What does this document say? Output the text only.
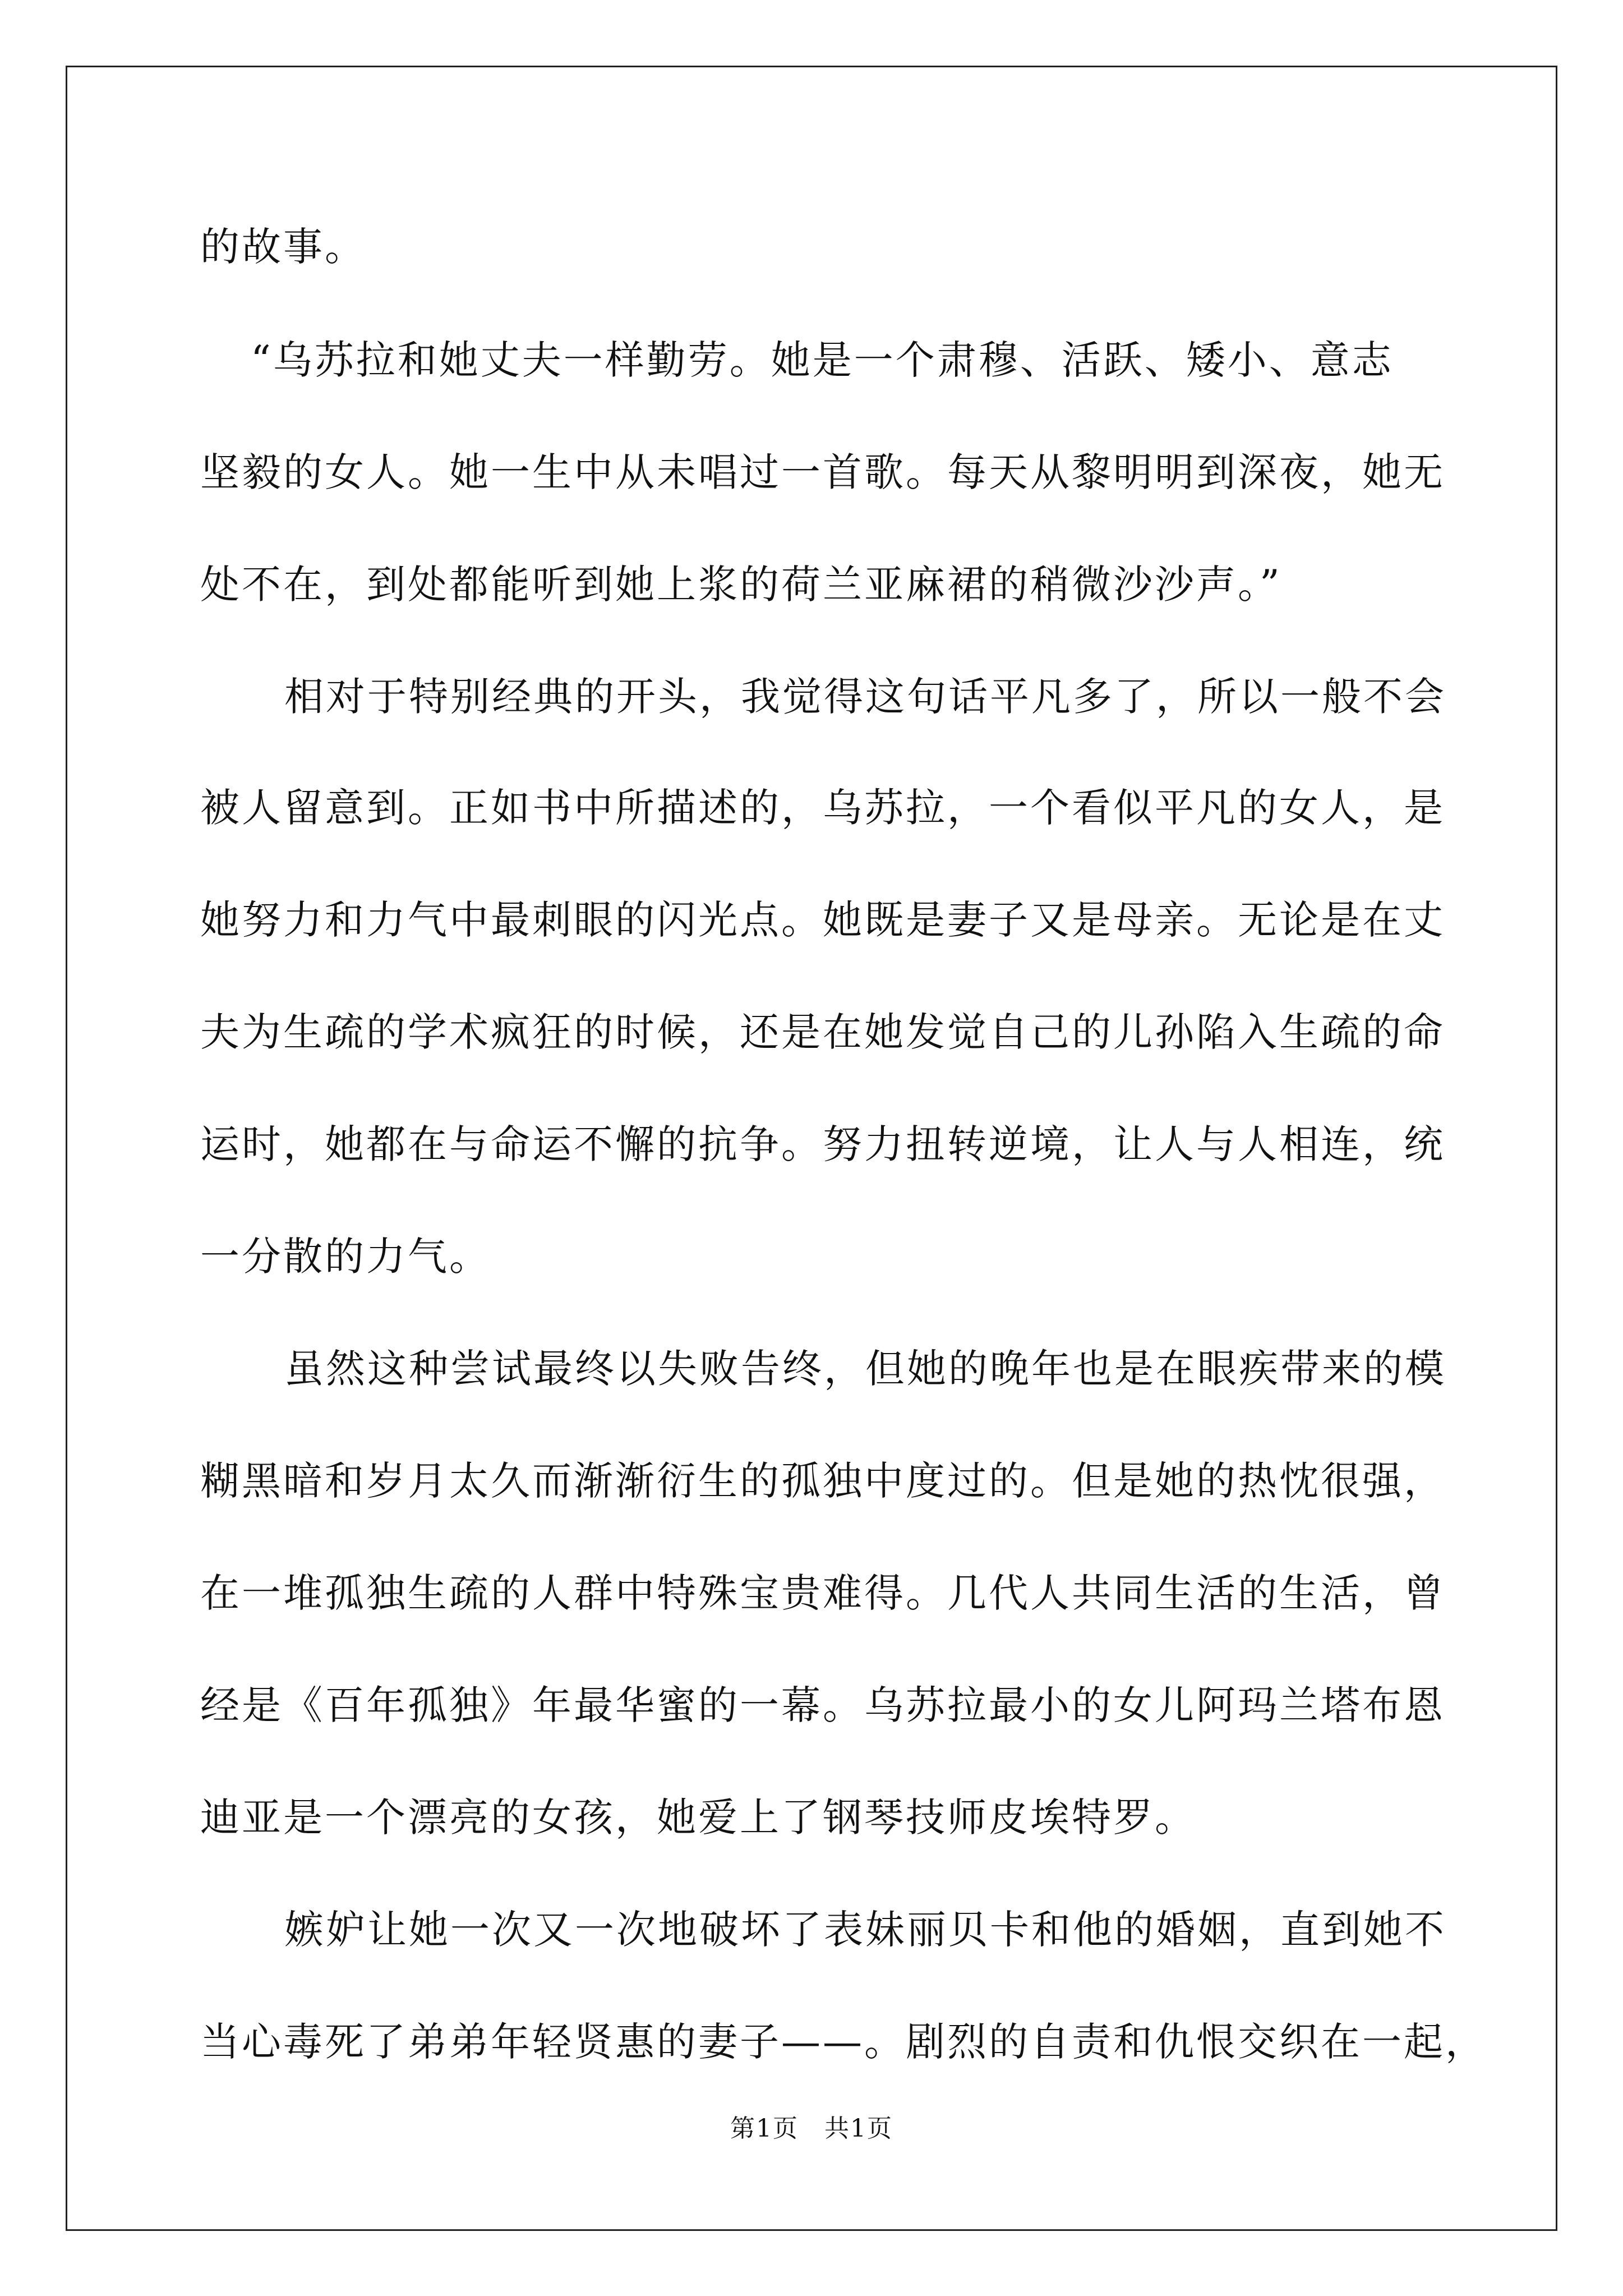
的故事。
“乌苏拉和她丈夫一样勤劳。她是一个肃穆、活跃、矮小、意志
坚毅的女人。她一生中从未唱过一首歌。每天从黎明明到深夜，她无
处不在，到处都能听到她上浆的荷兰亚麻裙的稍微沙沙声。”
相对于特别经典的开头，我觉得这句话平凡多了，所以一般不会
被人留意到。正如书中所描述的，乌苏拉，一个看似平凡的女人，是
她努力和力气中最刺眼的闪光点。她既是妻子又是母亲。无论是在丈
夫为生疏的学术疯狂的时候，还是在她发觉自己的儿孙陷入生疏的命
运时，她都在与命运不懈的抗争。努力扭转逆境，让人与人相连，统
一分散的力气。
虽然这种尝试最终以失败告终，但她的晚年也是在眼疾带来的模
糊黑暗和岁月太久而渐渐衍生的孤独中度过的。但是她的热忱很强，
在一堆孤独生疏的人群中特殊宝贵难得。几代人共同生活的生活，曾
经是《百年孤独》年最华蜜的一幕。乌苏拉最小的女儿阿玛兰塔布恩
迪亚是一个漂亮的女孩，她爱上了钢琴技师皮埃特罗。
嫉妒让她一次又一次地破坏了表妹丽贝卡和他的婚姻，直到她不
当心毒死了弟弟年轻贤惠的妻子——。剧烈的自责和仇恨交织在一起，
第1页　共1页
